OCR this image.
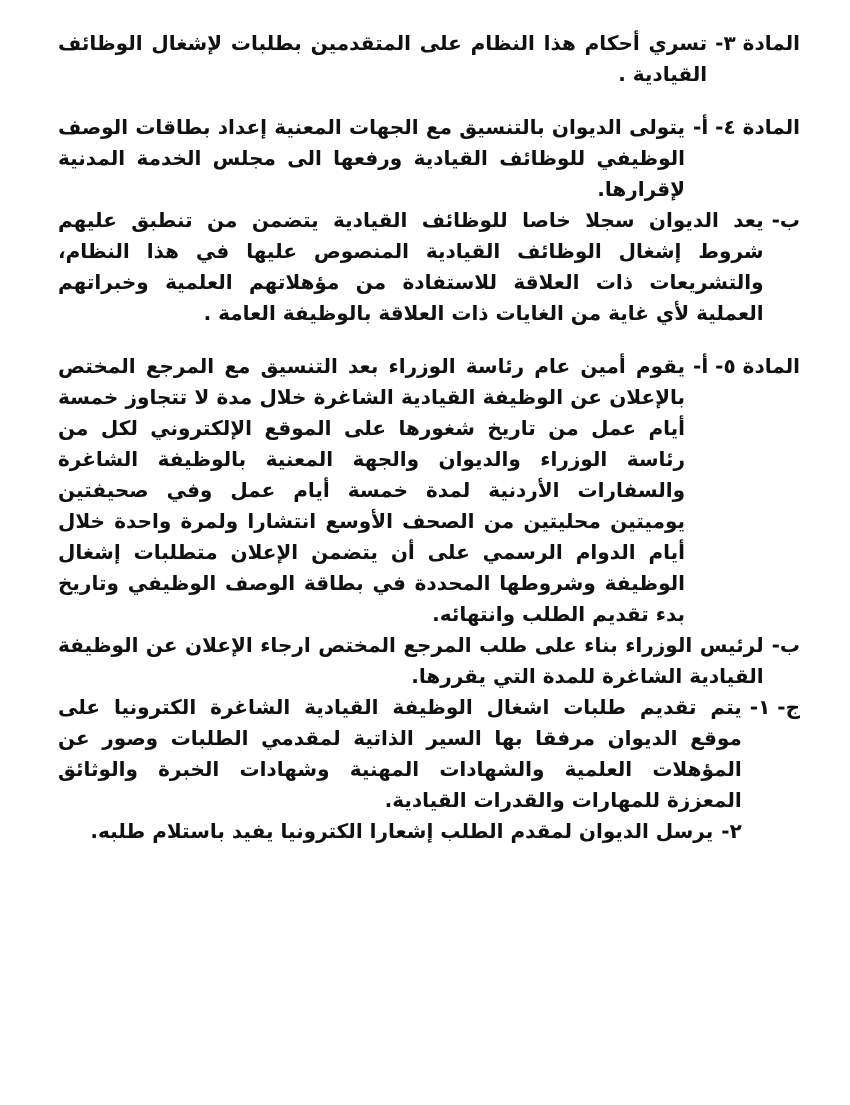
المادة ٣-
تسري أحكام هذا النظام على المتقدمين بطلبات لإشغال الوظائف القيادية .
المادة ٤- أ-
يتولى الديوان بالتنسيق مع الجهات المعنية إعداد بطاقات الوصف الوظيفي للوظائف القيادية ورفعها الى مجلس الخدمة المدنية لإقرارها.
ب-
يعد الديوان سجلا خاصا للوظائف القيادية يتضمن من تنطبق عليهم شروط إشغال الوظائف القيادية المنصوص عليها في هذا النظام، والتشريعات ذات العلاقة للاستفادة من مؤهلاتهم العلمية وخبراتهم العملية لأي غاية من الغايات ذات العلاقة بالوظيفة العامة .
المادة ٥- أ-
يقوم أمين عام رئاسة الوزراء بعد التنسيق مع المرجع المختص بالإعلان عن الوظيفة القيادية الشاغرة خلال مدة لا تتجاوز خمسة أيام عمل من تاريخ شغورها على الموقع الإلكتروني لكل من رئاسة الوزراء والديوان والجهة المعنية بالوظيفة الشاغرة والسفارات الأردنية لمدة خمسة أيام عمل وفي صحيفتين يوميتين محليتين من الصحف الأوسع انتشارا ولمرة واحدة خلال أيام الدوام الرسمي على أن يتضمن الإعلان متطلبات إشغال الوظيفة وشروطها المحددة في بطاقة الوصف الوظيفي وتاريخ بدء تقديم الطلب وانتهائه.
ب-
لرئيس الوزراء بناء على طلب المرجع المختص ارجاء الإعلان عن الوظيفة القيادية الشاغرة للمدة التي يقررها.
ج- ١-
يتم تقديم طلبات اشغال الوظيفة القيادية الشاغرة الكترونيا على موقع الديوان مرفقا بها السير الذاتية لمقدمي الطلبات وصور عن المؤهلات العلمية والشهادات المهنية وشهادات الخبرة والوثائق المعززة للمهارات والقدرات القيادية.
٢-
يرسل الديوان لمقدم الطلب إشعارا الكترونيا يفيد باستلام طلبه.
